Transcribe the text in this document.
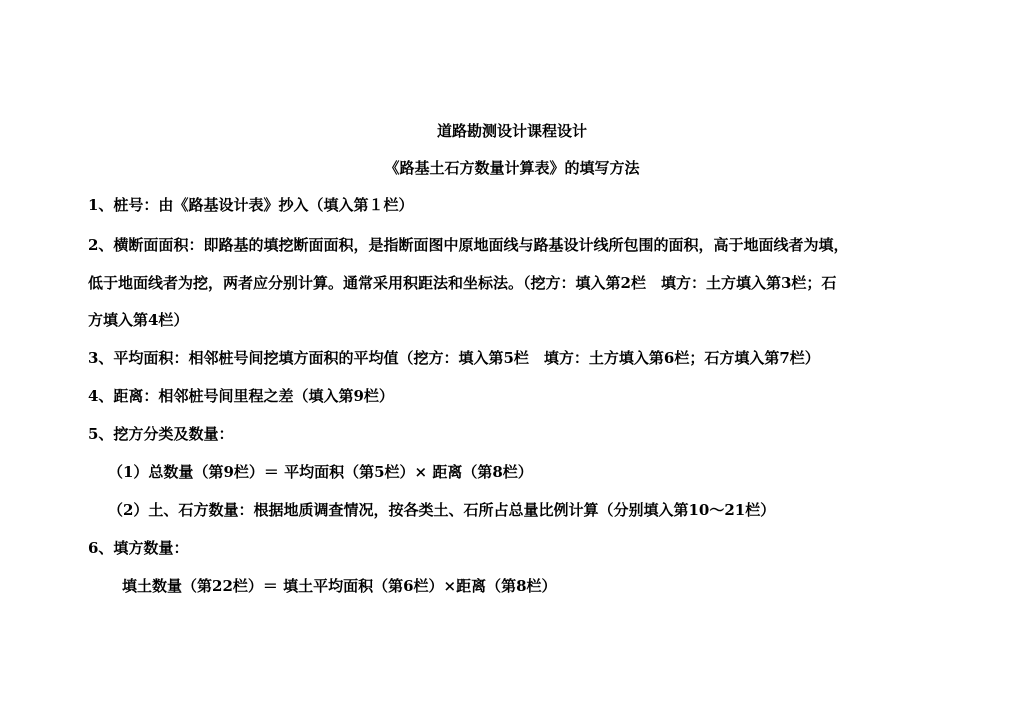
道路勘测设计课程设计
《路基土石方数量计算表》的填写方法
1、桩号：由《路基设计表》抄入（填入第１栏）
2、横断面面积：即路基的填挖断面面积，是指断面图中原地面线与路基设计线所包围的面积，高于地面线者为填，
低于地面线者为挖，两者应分别计算。通常采用积距法和坐标法。（挖方：填入第2栏　填方：土方填入第3栏；石
方填入第4栏）
3、平均面积：相邻桩号间挖填方面积的平均值（挖方：填入第5栏　填方：土方填入第6栏；石方填入第7栏）
4、距离：相邻桩号间里程之差（填入第9栏）
5、挖方分类及数量：
（1）总数量（第9栏）＝ 平均面积（第5栏）× 距离（第8栏）
（2）土、石方数量：根据地质调查情况，按各类土、石所占总量比例计算（分别填入第10～21栏）
6、填方数量：
填土数量（第22栏）＝ 填土平均面积（第6栏）×距离（第8栏）
